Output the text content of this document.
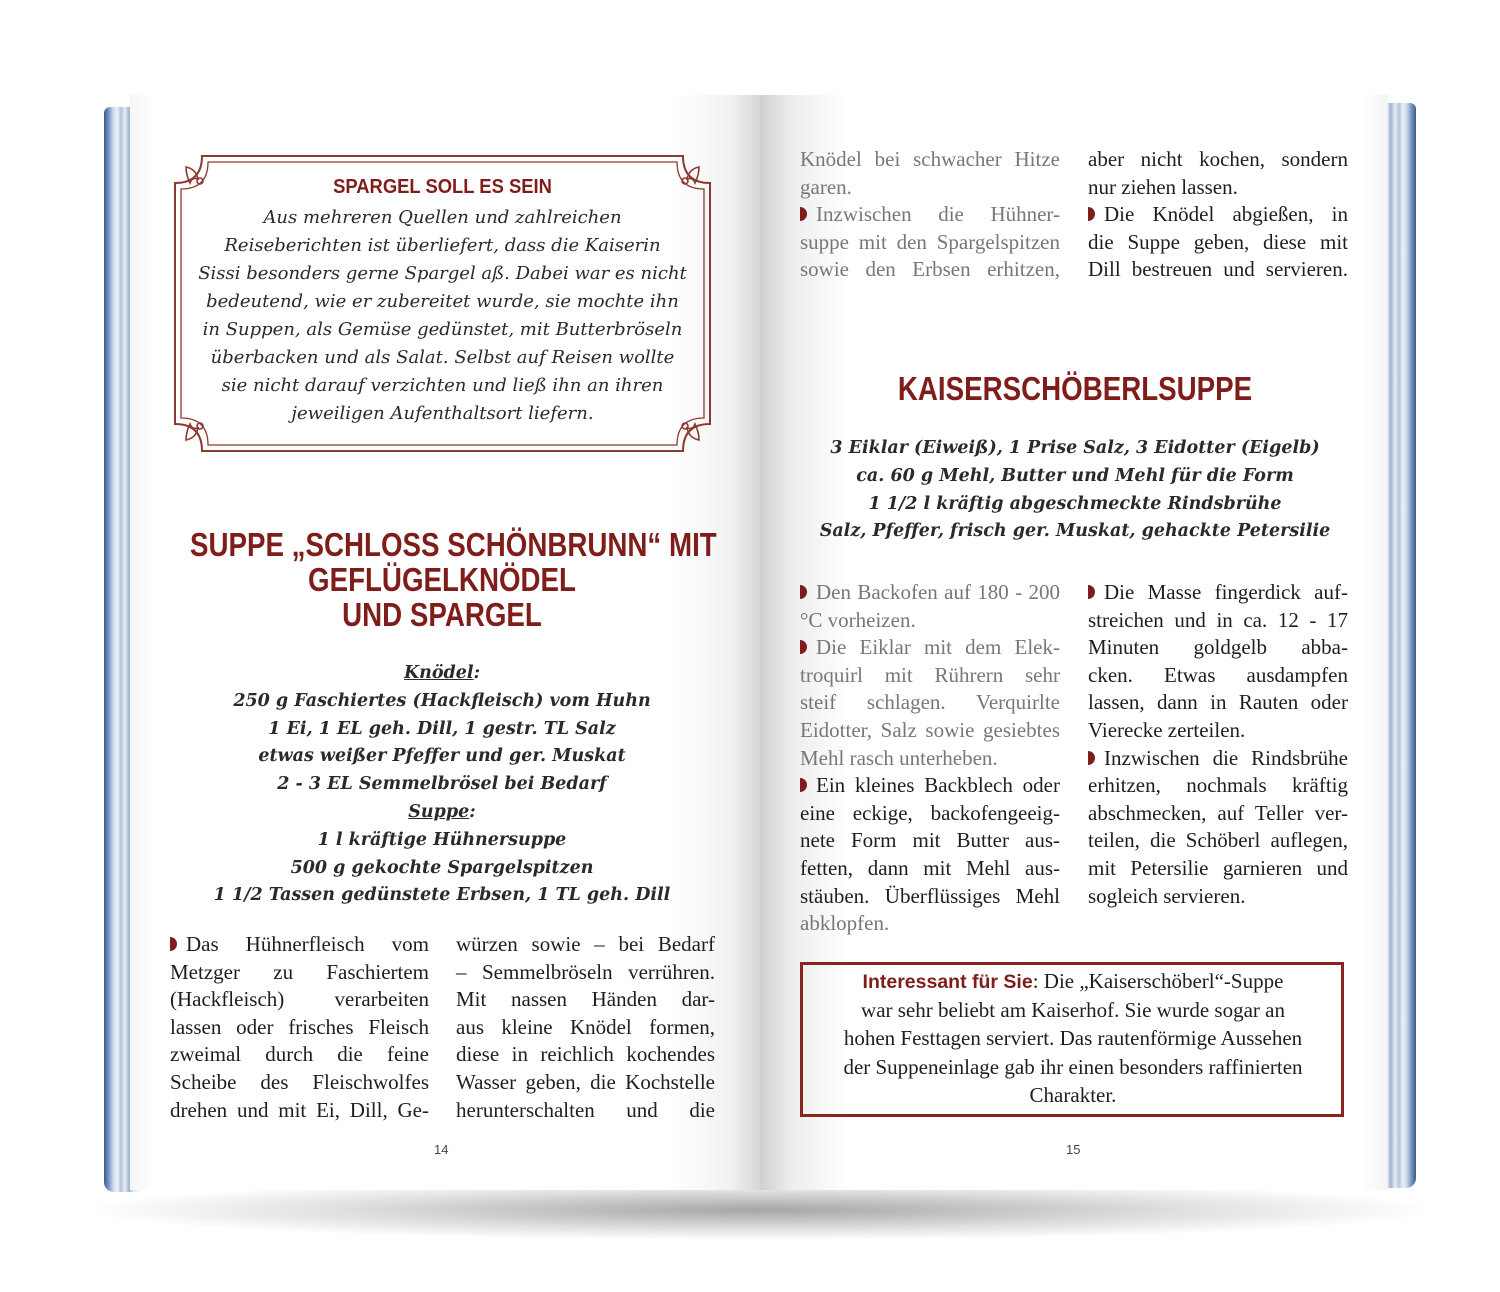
SPARGEL SOLL ES SEIN
Aus mehreren Quellen und zahlreichen
Reiseberichten ist überliefert, dass die Kaiserin
Sissi besonders gerne Spargel aß. Dabei war es nicht
bedeutend, wie er zubereitet wurde, sie mochte ihn
in Suppen, als Gemüse gedünstet, mit Butterbröseln
überbacken und als Salat. Selbst auf Reisen wollte
sie nicht darauf verzichten und ließ ihn an ihren
jeweiligen Aufenthaltsort liefern.
SUPPE „SCHLOSS SCHÖNBRUNN“ MIT
GEFLÜGELKNÖDEL
UND SPARGEL
Knödel:
250 g Faschiertes (Hackfleisch) vom Huhn
1 Ei, 1 EL geh. Dill, 1 gestr. TL Salz
etwas weißer Pfeffer und ger. Muskat
2 - 3 EL Semmelbrösel bei Bedarf
Suppe:
1 l kräftige Hühnersuppe
500 g gekochte Spargelspitzen
1 1/2 Tassen gedünstete Erbsen, 1 TL geh. Dill
Das Hühnerfleisch vom
Metzger zu Faschiertem
(Hackfleisch) verarbeiten
lassen oder frisches Fleisch
zweimal durch die feine
Scheibe des Fleischwolfes
drehen und mit Ei, Dill, Ge-
würzen sowie – bei Bedarf
– Semmelbröseln verrühren.
Mit nassen Händen dar-
aus kleine Knödel formen,
diese in reichlich kochendes
Wasser geben, die Kochstelle
herunterschalten und die
Knödel bei schwacher Hitze
garen.
Inzwischen die Hühner-
suppe mit den Spargelspitzen
sowie den Erbsen erhitzen,
aber nicht kochen, sondern
nur ziehen lassen.
Die Knödel abgießen, in
die Suppe geben, diese mit
Dill bestreuen und servieren.
KAISERSCHÖBERLSUPPE
3 Eiklar (Eiweiß), 1 Prise Salz, 3 Eidotter (Eigelb)
ca. 60 g Mehl, Butter und Mehl für die Form
1 1/2 l kräftig abgeschmeckte Rindsbrühe
Salz, Pfeffer, frisch ger. Muskat, gehackte Petersilie
Den Backofen auf 180 - 200
°C vorheizen.
Die Eiklar mit dem Elek-
troquirl mit Rührern sehr
steif schlagen. Verquirlte
Eidotter, Salz sowie gesiebtes
Mehl rasch unterheben.
Ein kleines Backblech oder
eine eckige, backofengeeig-
nete Form mit Butter aus-
fetten, dann mit Mehl aus-
stäuben. Überflüssiges Mehl
abklopfen.
Die Masse fingerdick auf-
streichen und in ca. 12 - 17
Minuten goldgelb abba-
cken. Etwas ausdampfen
lassen, dann in Rauten oder
Vierecke zerteilen.
Inzwischen die Rindsbrühe
erhitzen, nochmals kräftig
abschmecken, auf Teller ver-
teilen, die Schöberl auflegen,
mit Petersilie garnieren und
sogleich servieren.
Interessant für Sie: Die „Kaiserschöberl“-Suppe
war sehr beliebt am Kaiserhof. Sie wurde sogar an
hohen Festtagen serviert. Das rautenförmige Aussehen
der Suppeneinlage gab ihr einen besonders raffinierten
Charakter.
14	15
